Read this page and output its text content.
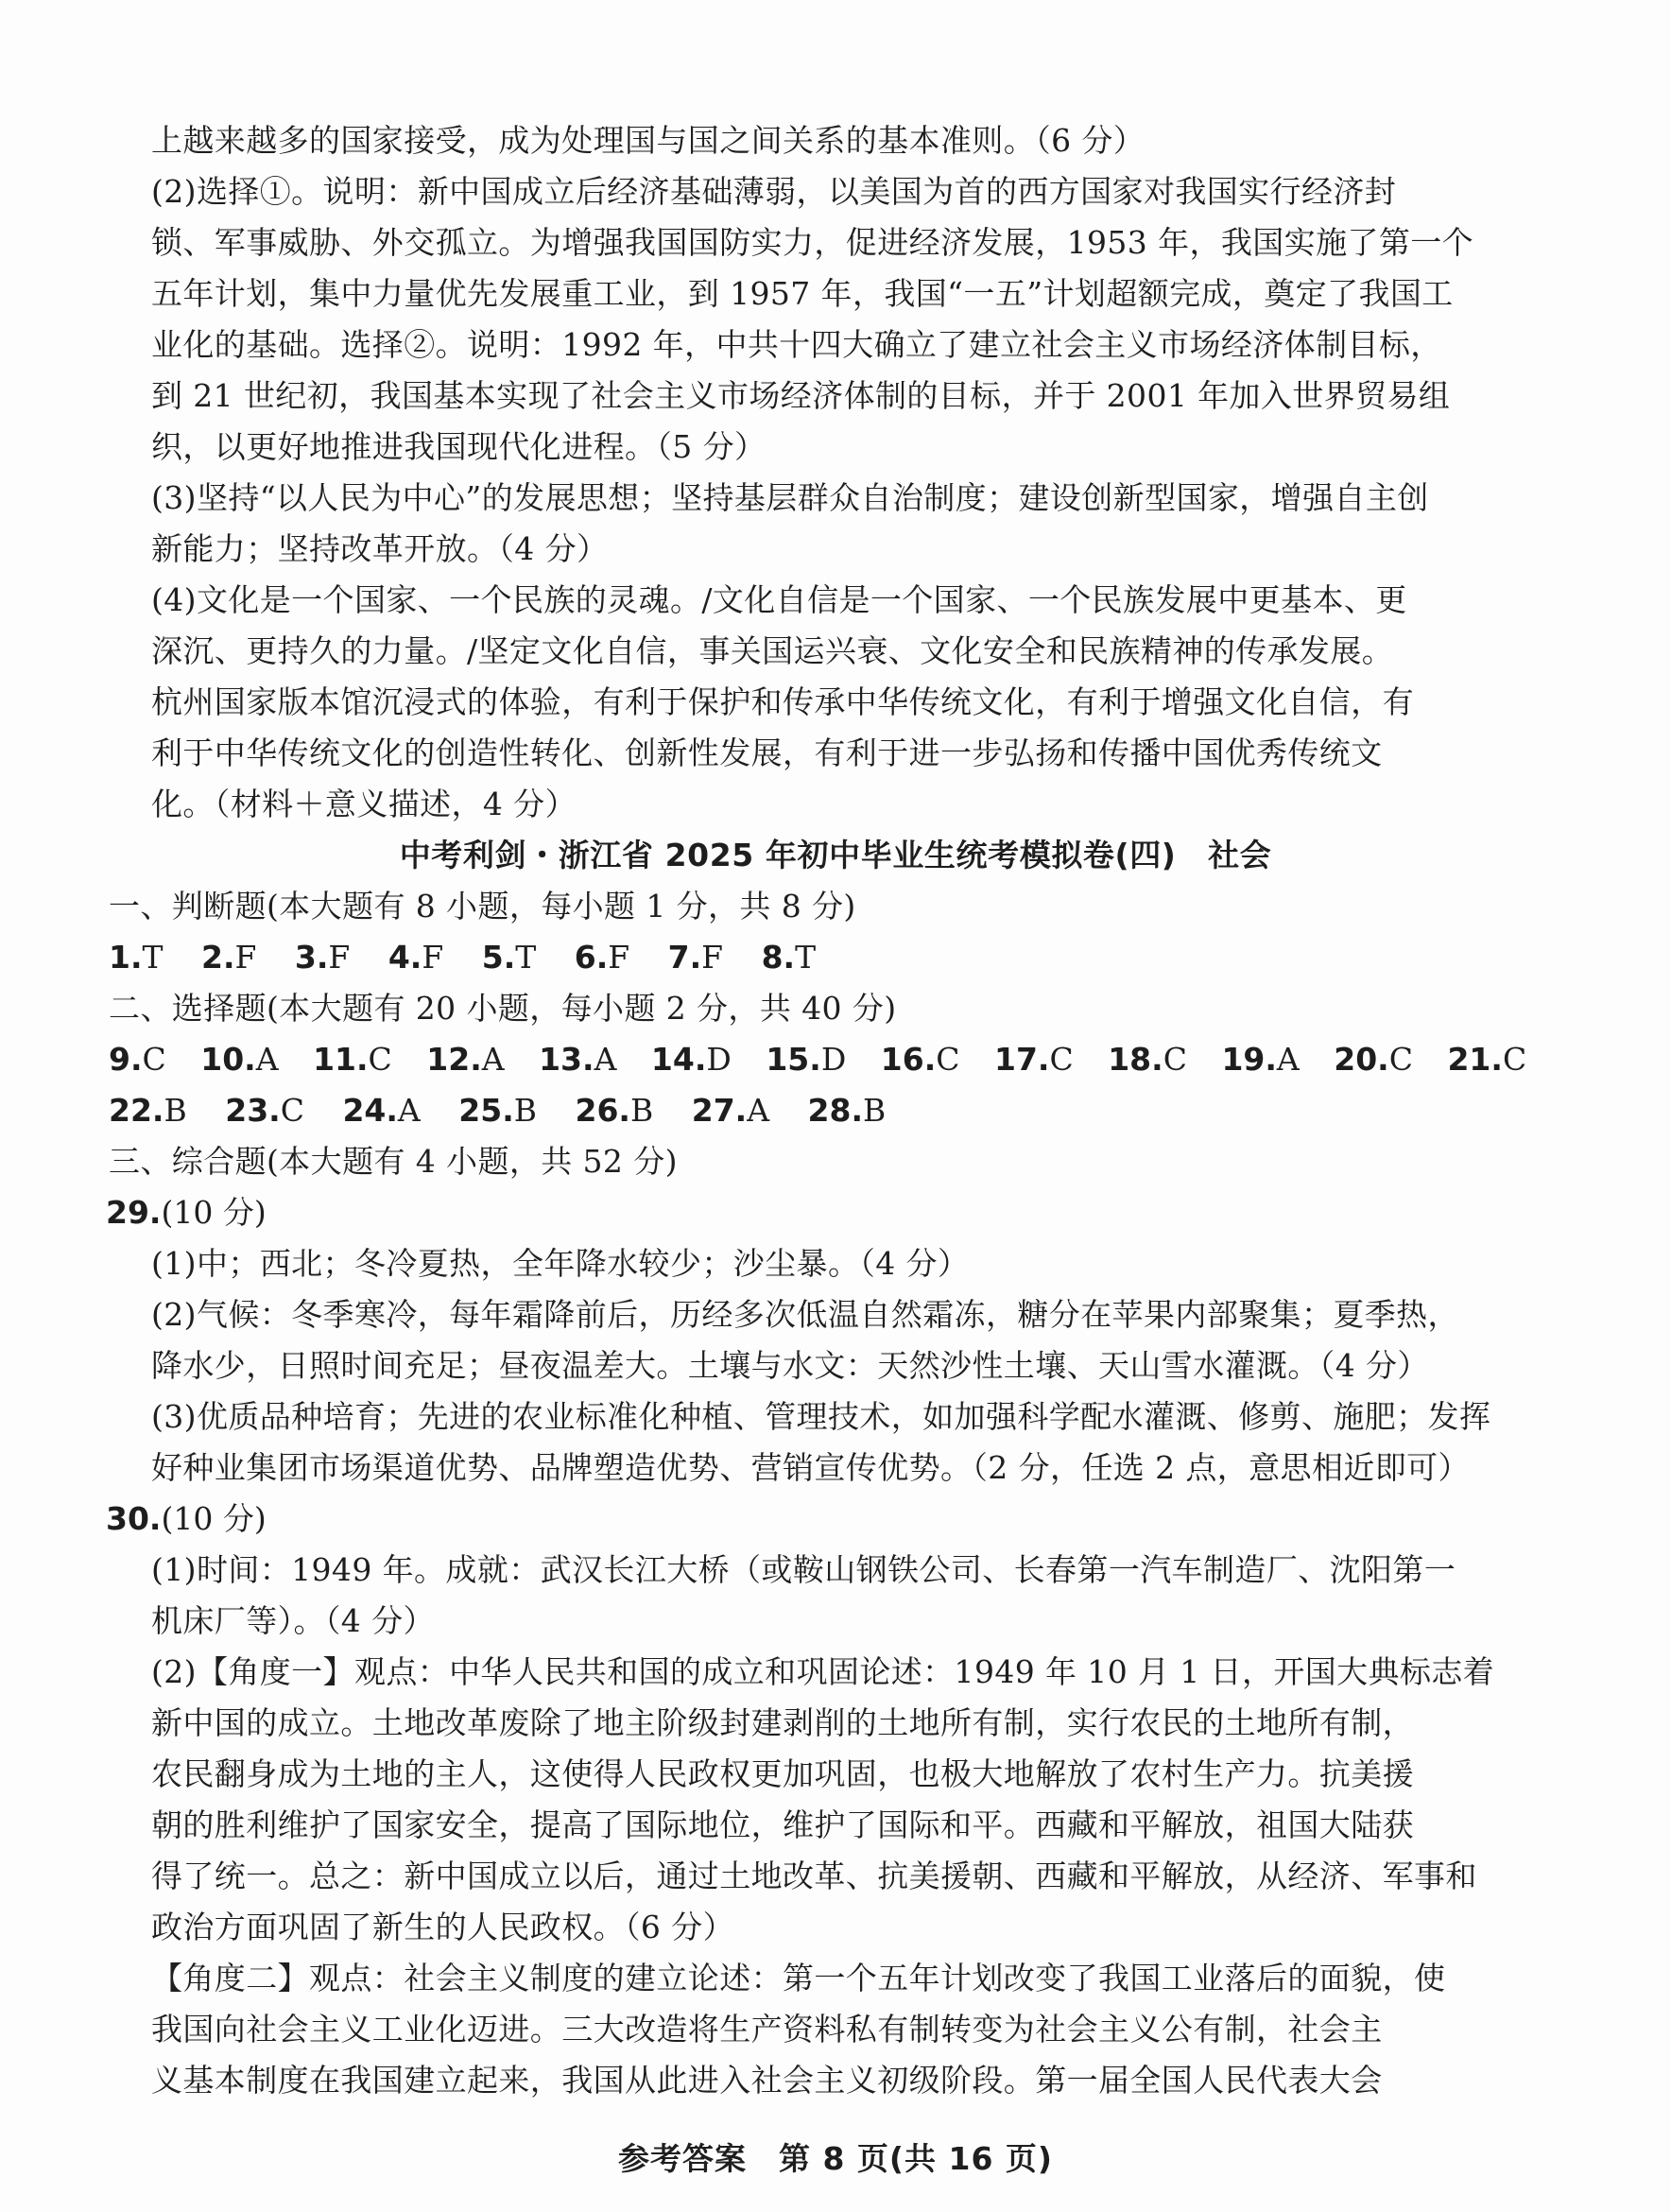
上越来越多的国家接受，成为处理国与国之间关系的基本准则。（6 分）
(2)选择①。说明：新中国成立后经济基础薄弱，以美国为首的西方国家对我国实行经济封
锁、军事威胁、外交孤立。为增强我国国防实力，促进经济发展，1953 年，我国实施了第一个
五年计划，集中力量优先发展重工业，到 1957 年，我国“一五”计划超额完成，奠定了我国工
业化的基础。选择②。说明：1992 年，中共十四大确立了建立社会主义市场经济体制目标，
到 21 世纪初，我国基本实现了社会主义市场经济体制的目标，并于 2001 年加入世界贸易组
织，以更好地推进我国现代化进程。（5 分）
(3)坚持“以人民为中心”的发展思想；坚持基层群众自治制度；建设创新型国家，增强自主创
新能力；坚持改革开放。（4 分）
(4)文化是一个国家、一个民族的灵魂。/文化自信是一个国家、一个民族发展中更基本、更
深沉、更持久的力量。/坚定文化自信，事关国运兴衰、文化安全和民族精神的传承发展。
杭州国家版本馆沉浸式的体验，有利于保护和传承中华传统文化，有利于增强文化自信，有
利于中华传统文化的创造性转化、创新性发展，有利于进一步弘扬和传播中国优秀传统文
化。（材料＋意义描述，4 分）
中考利剑・浙江省 2025 年初中毕业生统考模拟卷(四)　社会
一、判断题(本大题有 8 小题，每小题 1 分，共 8 分)
1.T 2.F 3.F 4.F 5.T 6.F 7.F 8.T
二、选择题(本大题有 20 小题，每小题 2 分，共 40 分)
9.C 10.A 11.C 12.A 13.A 14.D 15.D 16.C 17.C 18.C 19.A 20.C 21.C
22.B 23.C 24.A 25.B 26.B 27.A 28.B
三、综合题(本大题有 4 小题，共 52 分)
29.(10 分)
(1)中；西北；冬冷夏热，全年降水较少；沙尘暴。（4 分）
(2)气候：冬季寒冷，每年霜降前后，历经多次低温自然霜冻，糖分在苹果内部聚集；夏季热，
降水少，日照时间充足；昼夜温差大。土壤与水文：天然沙性土壤、天山雪水灌溉。（4 分）
(3)优质品种培育；先进的农业标准化种植、管理技术，如加强科学配水灌溉、修剪、施肥；发挥
好种业集团市场渠道优势、品牌塑造优势、营销宣传优势。（2 分，任选 2 点，意思相近即可）
30.(10 分)
(1)时间：1949 年。成就：武汉长江大桥（或鞍山钢铁公司、长春第一汽车制造厂、沈阳第一
机床厂等）。（4 分）
(2)【角度一】观点：中华人民共和国的成立和巩固论述：1949 年 10 月 1 日，开国大典标志着
新中国的成立。土地改革废除了地主阶级封建剥削的土地所有制，实行农民的土地所有制，
农民翻身成为土地的主人，这使得人民政权更加巩固，也极大地解放了农村生产力。抗美援
朝的胜利维护了国家安全，提高了国际地位，维护了国际和平。西藏和平解放，祖国大陆获
得了统一。总之：新中国成立以后，通过土地改革、抗美援朝、西藏和平解放，从经济、军事和
政治方面巩固了新生的人民政权。（6 分）
【角度二】观点：社会主义制度的建立论述：第一个五年计划改变了我国工业落后的面貌，使
我国向社会主义工业化迈进。三大改造将生产资料私有制转变为社会主义公有制，社会主
义基本制度在我国建立起来，我国从此进入社会主义初级阶段。第一届全国人民代表大会
参考答案　第 8 页(共 16 页)
